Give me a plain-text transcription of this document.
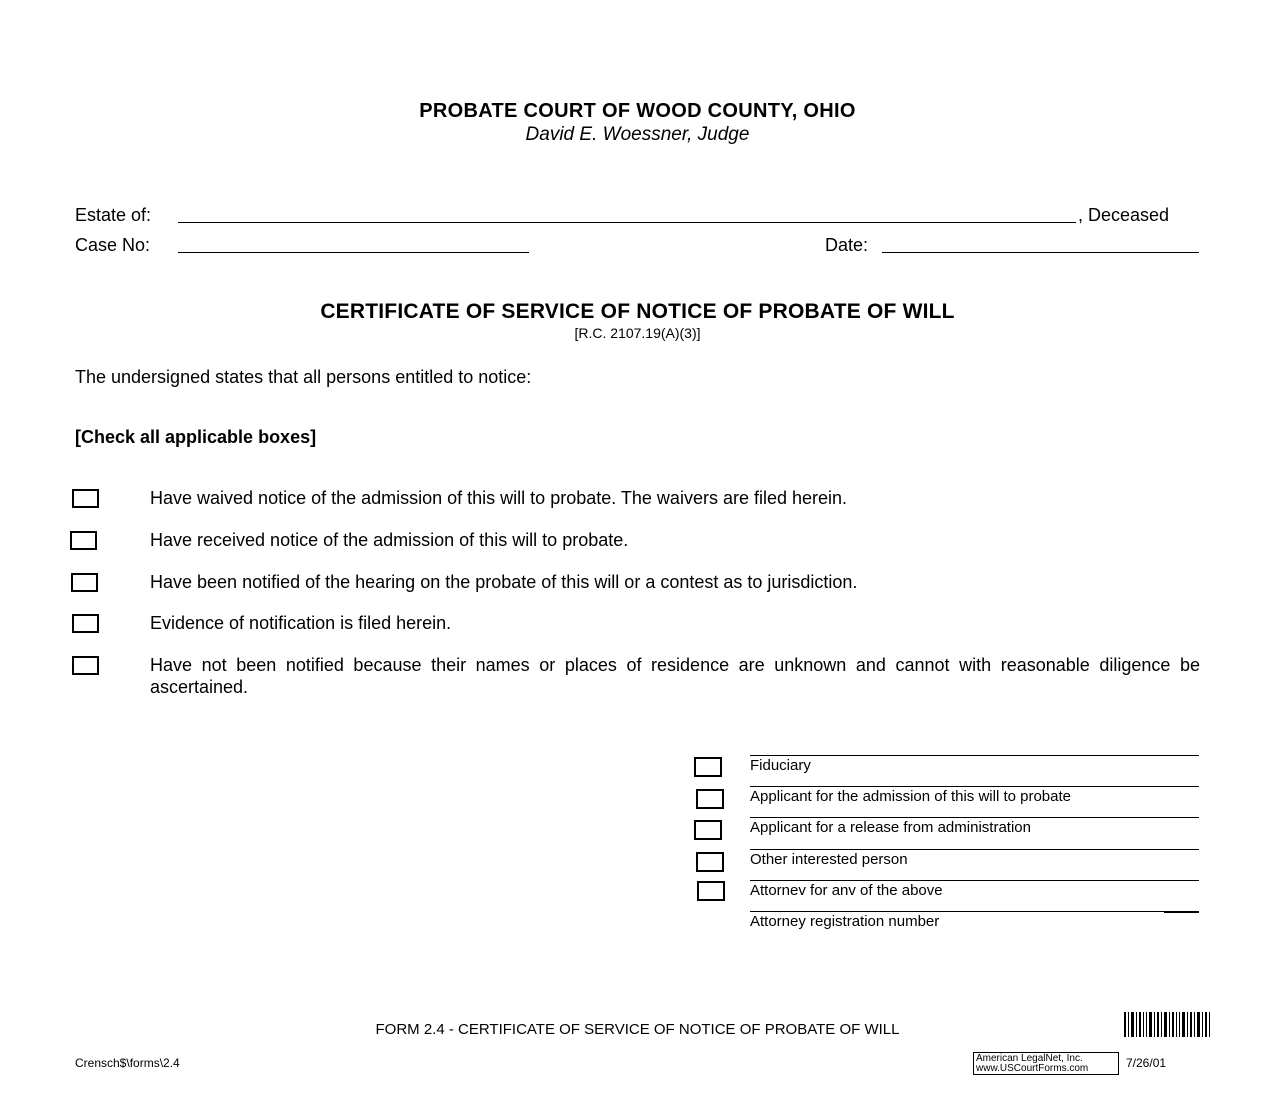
PROBATE COURT OF WOOD COUNTY, OHIO
David E. Woessner, Judge
Estate of:	, Deceased
Case No:	Date:
CERTIFICATE OF SERVICE OF NOTICE OF PROBATE OF WILL
[R.C. 2107.19(A)(3)]
The undersigned states that all persons entitled to notice:
[Check all applicable boxes]
Have waived notice of the admission of this will to probate. The waivers are filed herein.
Have received notice of the admission of this will to probate.
Have been notified of the hearing on the probate of this will or a contest as to jurisdiction.
Evidence of notification is filed herein.
Have not been notified because their names or places of residence are unknown and cannot with reasonable diligence be ascertained.
Fiduciary
Applicant for the admission of this will to probate
Applicant for a release from administration
Other interested person
Attornev for anv of the above
Attorney registration number
FORM 2.4 - CERTIFICATE OF SERVICE OF NOTICE OF PROBATE OF WILL
Crensch$\forms\2.4	American LegalNet, Inc.
www.USCourtForms.com	7/26/01
